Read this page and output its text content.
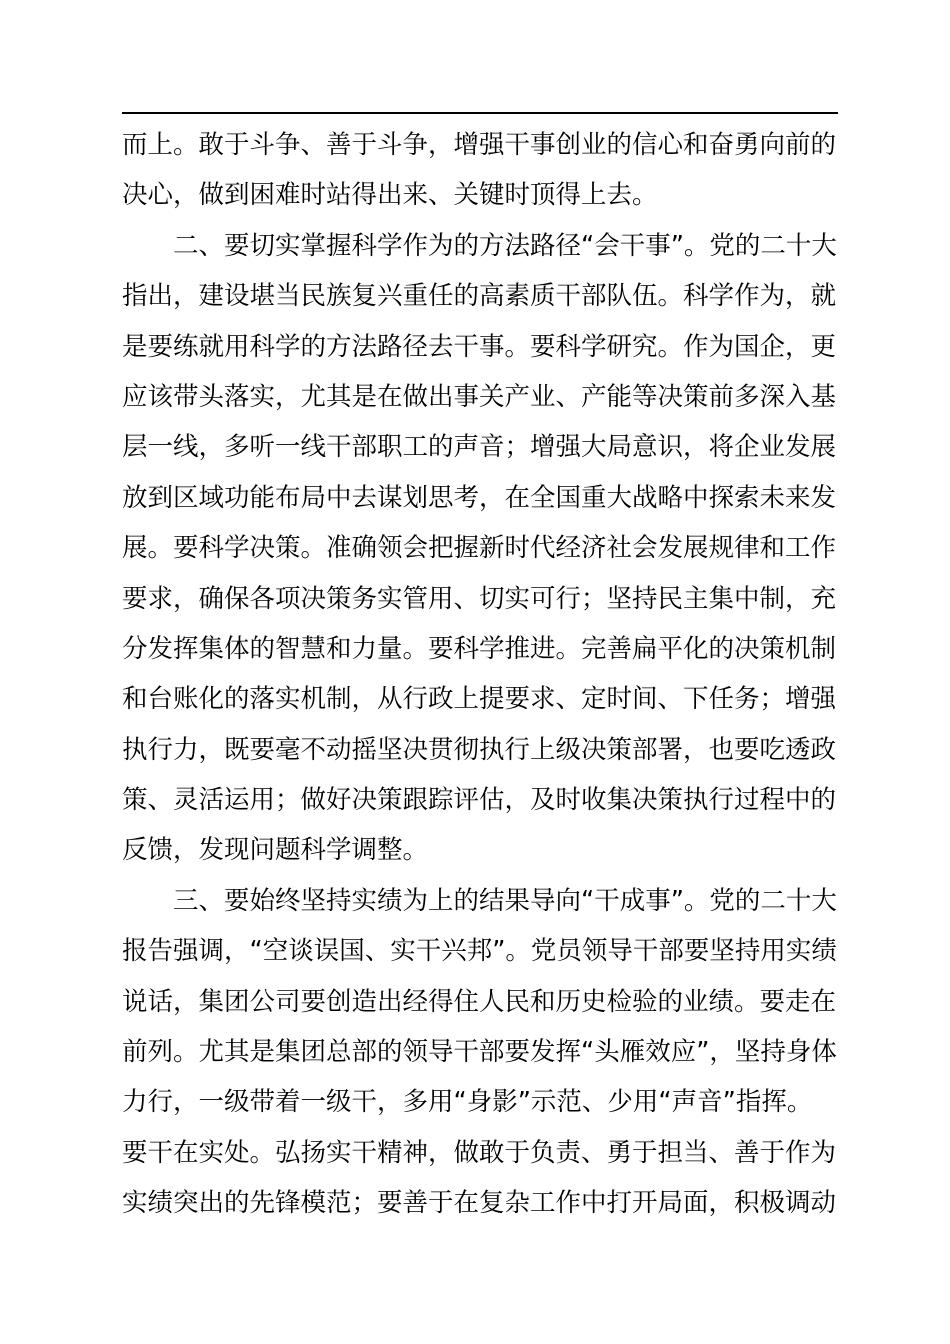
而上。敢于斗争、善于斗争，增强干事创业的信心和奋勇向前的
决心，做到困难时站得出来、关键时顶得上去。
二、要切实掌握科学作为的方法路径“会干事”。党的二十大
指出，建设堪当民族复兴重任的高素质干部队伍。科学作为，就
是要练就用科学的方法路径去干事。要科学研究。作为国企，更
应该带头落实，尤其是在做出事关产业、产能等决策前多深入基
层一线，多听一线干部职工的声音；增强大局意识，将企业发展
放到区域功能布局中去谋划思考，在全国重大战略中探索未来发
展。要科学决策。准确领会把握新时代经济社会发展规律和工作
要求，确保各项决策务实管用、切实可行；坚持民主集中制，充
分发挥集体的智慧和力量。要科学推进。完善扁平化的决策机制
和台账化的落实机制，从行政上提要求、定时间、下任务；增强
执行力，既要毫不动摇坚决贯彻执行上级决策部署，也要吃透政
策、灵活运用；做好决策跟踪评估，及时收集决策执行过程中的
反馈，发现问题科学调整。
三、要始终坚持实绩为上的结果导向“干成事”。党的二十大
报告强调，“空谈误国、实干兴邦”。党员领导干部要坚持用实绩
说话，集团公司要创造出经得住人民和历史检验的业绩。要走在
前列。尤其是集团总部的领导干部要发挥“头雁效应”，坚持身体
力行，一级带着一级干，多用“身影”示范、少用“声音”指挥。
要干在实处。弘扬实干精神，做敢于负责、勇于担当、善于作为
实绩突出的先锋模范；要善于在复杂工作中打开局面，积极调动
